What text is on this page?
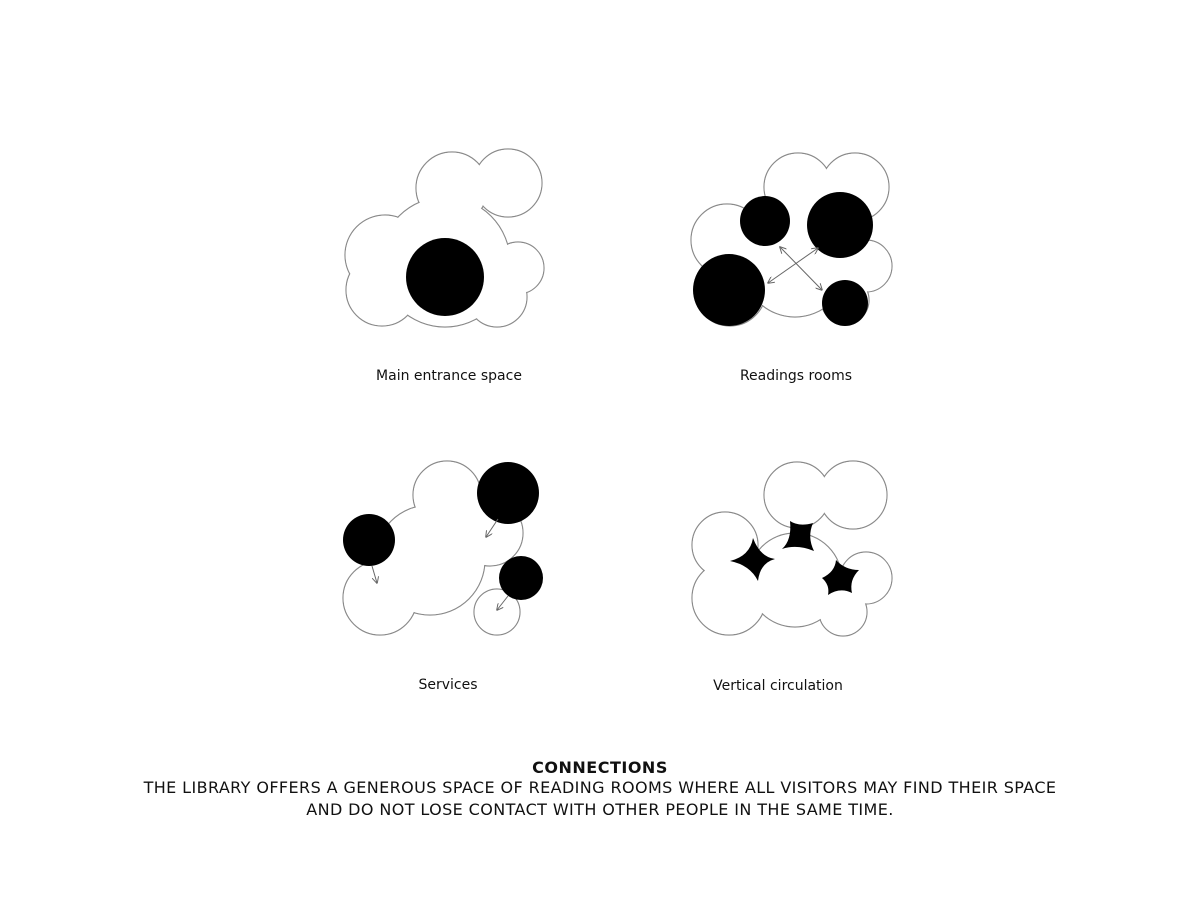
Main entrance space	Readings rooms
Services	Vertical circulation
CONNECTIONS
THE LIBRARY OFFERS A GENEROUS SPACE OF READING ROOMS WHERE ALL VISITORS MAY FIND THEIR SPACE
AND DO NOT LOSE CONTACT WITH OTHER PEOPLE IN THE SAME TIME.
